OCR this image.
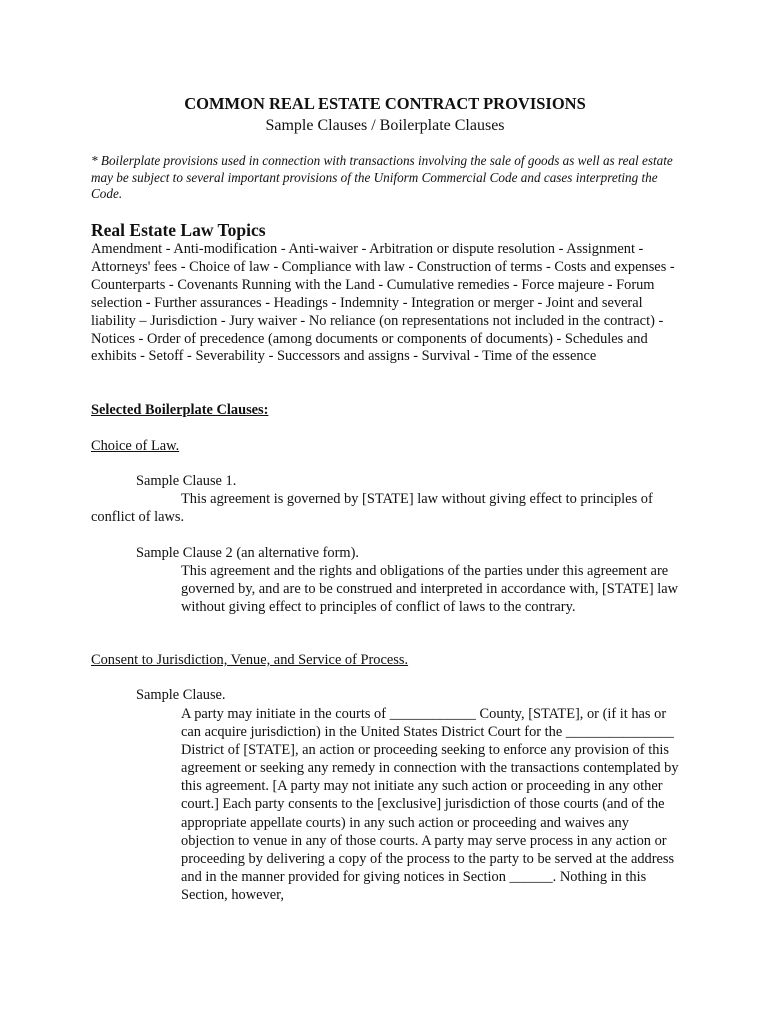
COMMON REAL ESTATE CONTRACT PROVISIONS
Sample Clauses / Boilerplate Clauses
* Boilerplate provisions used in connection with transactions involving the sale of goods as well as real estate may be subject to several important provisions of the Uniform Commercial Code and cases interpreting the Code.
Real Estate Law Topics
Amendment - Anti-modification - Anti-waiver - Arbitration or dispute resolution - Assignment - Attorneys' fees - Choice of law - Compliance with law - Construction of terms - Costs and expenses - Counterparts - Covenants Running with the Land - Cumulative remedies - Force majeure - Forum selection - Further assurances - Headings - Indemnity - Integration or merger - Joint and several liability – Jurisdiction - Jury waiver - No reliance (on representations not included in the contract) - Notices - Order of precedence (among documents or components of documents) - Schedules and exhibits - Setoff - Severability - Successors and assigns - Survival - Time of the essence
Selected Boilerplate Clauses:
Choice of Law.
Sample Clause 1.
This agreement is governed by [STATE] law without giving effect to principles of conflict of laws.
Sample Clause 2 (an alternative form).
This agreement and the rights and obligations of the parties under this agreement are governed by, and are to be construed and interpreted in accordance with, [STATE] law without giving effect to principles of conflict of laws to the contrary.
Consent to Jurisdiction, Venue, and Service of Process.
Sample Clause.
A party may initiate in the courts of ____________ County, [STATE], or (if it has or can acquire jurisdiction) in the United States District Court for the _______________ District of [STATE], an action or proceeding seeking to enforce any provision of this agreement or seeking any remedy in connection with the transactions contemplated by this agreement. [A party may not initiate any such action or proceeding in any other court.] Each party consents to the [exclusive] jurisdiction of those courts (and of the appropriate appellate courts) in any such action or proceeding and waives any objection to venue in any of those courts. A party may serve process in any action or proceeding by delivering a copy of the process to the party to be served at the address and in the manner provided for giving notices in Section ______. Nothing in this Section, however,
